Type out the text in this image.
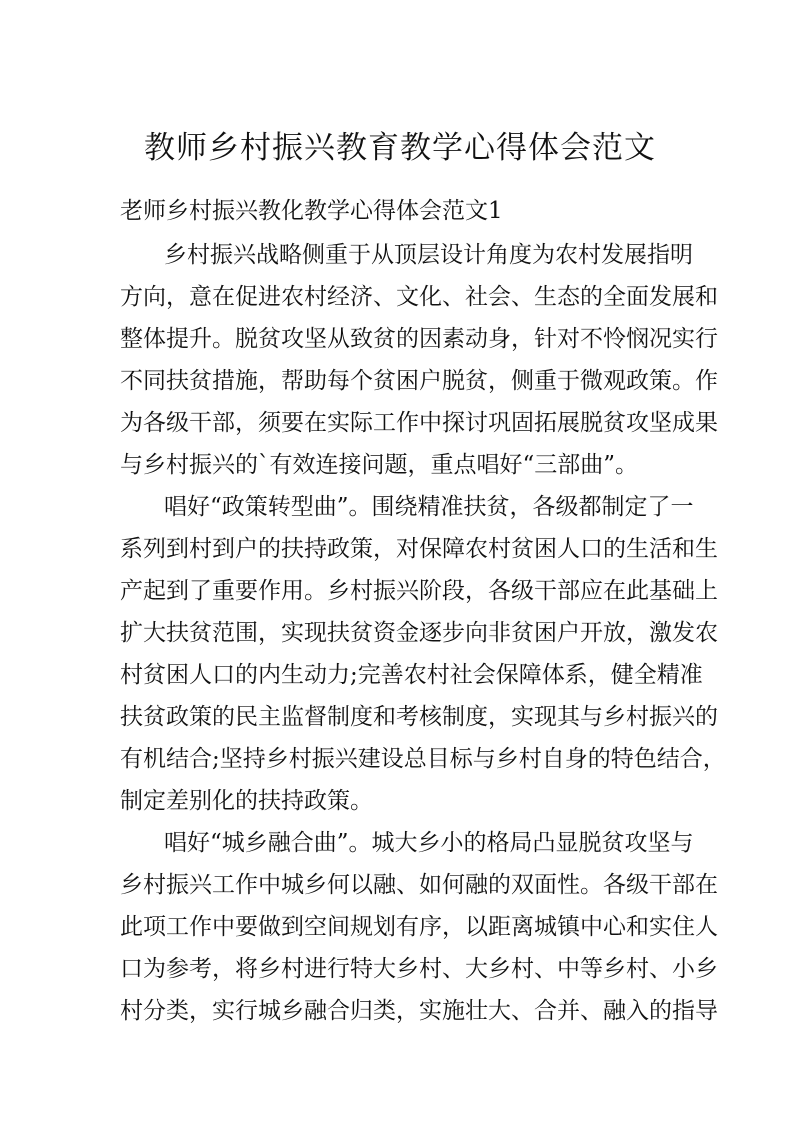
教师乡村振兴教育教学心得体会范文
老师乡村振兴教化教学心得体会范文1
乡村振兴战略侧重于从顶层设计角度为农村发展指明
方向，意在促进农村经济、文化、社会、生态的全面发展和
整体提升。脱贫攻坚从致贫的因素动身，针对不怜悯况实行
不同扶贫措施，帮助每个贫困户脱贫，侧重于微观政策。作
为各级干部，须要在实际工作中探讨巩固拓展脱贫攻坚成果
与乡村振兴的`有效连接问题，重点唱好“三部曲”。
唱好“政策转型曲”。围绕精准扶贫，各级都制定了一
系列到村到户的扶持政策，对保障农村贫困人口的生活和生
产起到了重要作用。乡村振兴阶段，各级干部应在此基础上
扩大扶贫范围，实现扶贫资金逐步向非贫困户开放，激发农
村贫困人口的内生动力;完善农村社会保障体系，健全精准
扶贫政策的民主监督制度和考核制度，实现其与乡村振兴的
有机结合;坚持乡村振兴建设总目标与乡村自身的特色结合，
制定差别化的扶持政策。
唱好“城乡融合曲”。城大乡小的格局凸显脱贫攻坚与
乡村振兴工作中城乡何以融、如何融的双面性。各级干部在
此项工作中要做到空间规划有序，以距离城镇中心和实住人
口为参考，将乡村进行特大乡村、大乡村、中等乡村、小乡
村分类，实行城乡融合归类，实施壮大、合并、融入的指导
